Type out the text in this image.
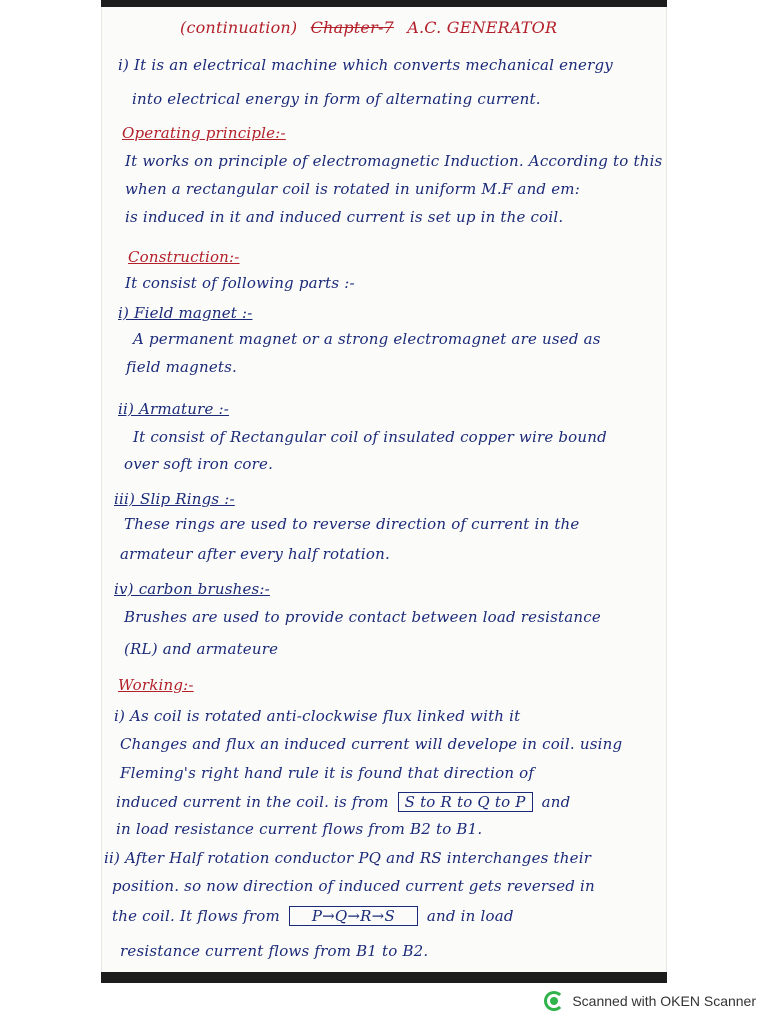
(continuation) Chapter-7 A.C. GENERATOR
i) It is an electrical machine which converts mechanical energy
into electrical energy in form of alternating current.
Operating principle:-
It works on principle of electromagnetic Induction. According to this
when a rectangular coil is rotated in uniform M.F and em:
is induced in it and induced current is set up in the coil.
Construction:-
It consist of following parts :-
i) Field magnet :-
A permanent magnet or a strong electromagnet are used as
field magnets.
ii) Armature :-
It consist of Rectangular coil of insulated copper wire bound
over soft iron core.
iii) Slip Rings :-
These rings are used to reverse direction of current in the
armateur after every half rotation.
iv) carbon brushes:-
Brushes are used to provide contact between load resistance
(RL) and armateure
Working:-
i) As coil is rotated anti-clockwise flux linked with it
Changes and flux an induced current will develope in coil. using
Fleming's right hand rule it is found that direction of
induced current in the coil. is from S to R to Q to P and
in load resistance current flows from B2 to B1.
ii) After Half rotation conductor PQ and RS interchanges their
position. so now direction of induced current gets reversed in
the coil. It flows from P→Q→R→S and in load
resistance current flows from B1 to B2.
Scanned with OKEN Scanner
